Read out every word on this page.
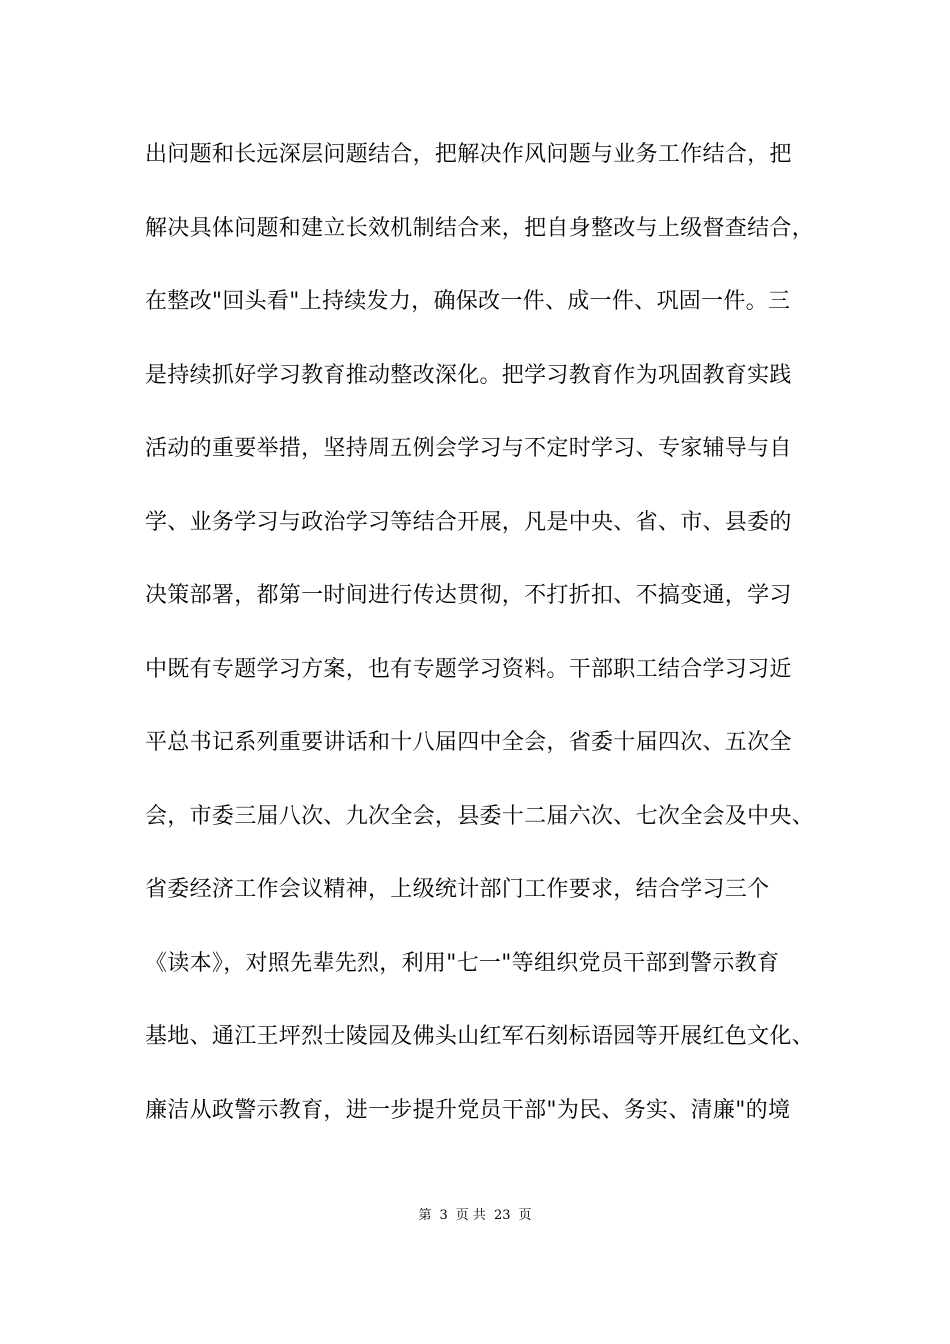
出问题和长远深层问题结合，把解决作风问题与业务工作结合，把
解决具体问题和建立长效机制结合来，把自身整改与上级督查结合，
在整改"回头看"上持续发力，确保改一件、成一件、巩固一件。三
是持续抓好学习教育推动整改深化。把学习教育作为巩固教育实践
活动的重要举措，坚持周五例会学习与不定时学习、专家辅导与自
学、业务学习与政治学习等结合开展，凡是中央、省、市、县委的
决策部署，都第一时间进行传达贯彻，不打折扣、不搞变通，学习
中既有专题学习方案，也有专题学习资料。干部职工结合学习习近
平总书记系列重要讲话和十八届四中全会，省委十届四次、五次全
会，市委三届八次、九次全会，县委十二届六次、七次全会及中央、
省委经济工作会议精神，上级统计部门工作要求，结合学习三个
《读本》，对照先辈先烈，利用"七一"等组织党员干部到警示教育
基地、通江王坪烈士陵园及佛头山红军石刻标语园等开展红色文化、
廉洁从政警示教育，进一步提升党员干部"为民、务实、清廉"的境
第 3 页 共 23 页
